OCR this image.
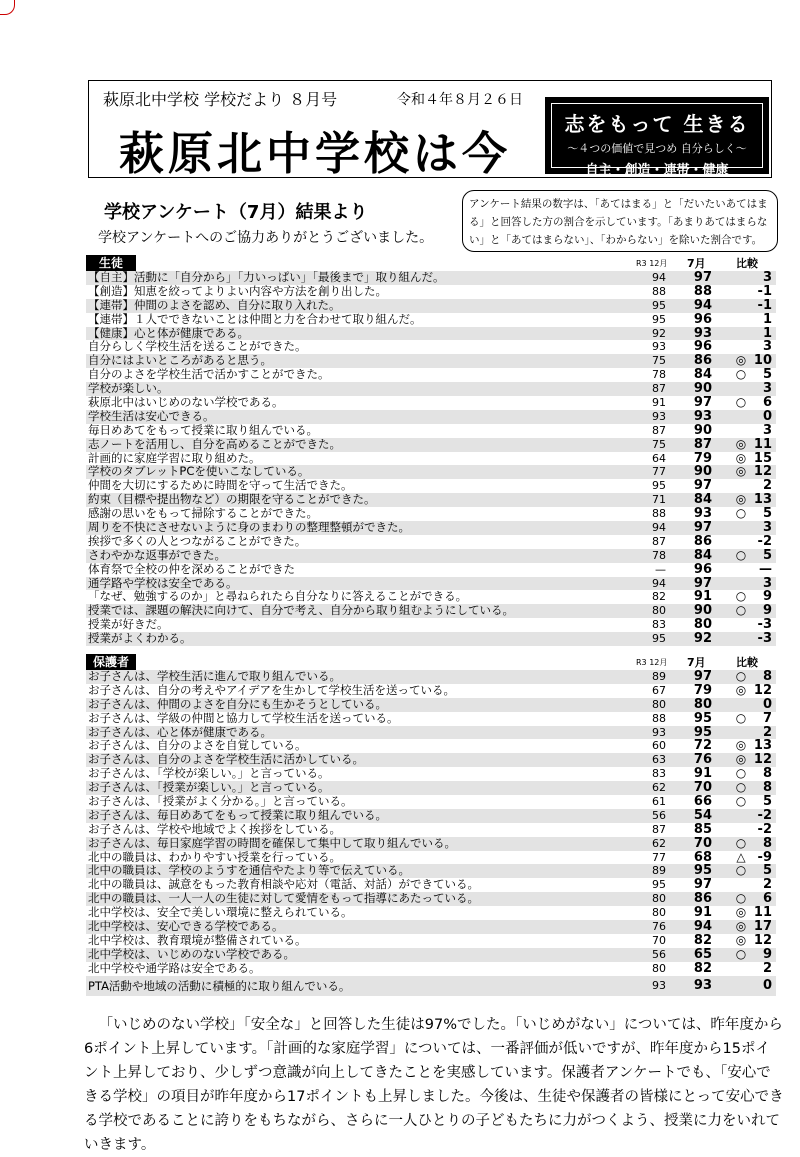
萩原北中学校 学校だより ８月号	令和４年８月２６日
萩原北中学校は今
志をもって 生きる
～４つの価値で見つめ 自分らしく～
自主・創造・連帯・健康
学校アンケート（7月）結果より
学校アンケートへのご協力ありがとうございました。
アンケート結果の数字は、「あてはまる」と「だいたいあてはまる」と回答した方の割合を示しています。「あまりあてはまらない」と「あてはまらない」、「わからない」を除いた割合です。
生徒	R3 12月 7月	比較
【自主】活動に「自分から」「力いっぱい」「最後まで」取り組んだ。	94	97	3
【創造】知恵を絞ってよりよい内容や方法を創り出した。	88	88	-1
【連帯】仲間のよさを認め、自分に取り入れた。	95	94	-1
【連帯】１人でできないことは仲間と力を合わせて取り組んだ。	95	96	1
【健康】心と体が健康である。	92	93	1
自分らしく学校生活を送ることができた。	93	96	3
自分にはよいところがあると思う。	75	86 ◎ 10
自分のよさを学校生活で活かすことができた。	78	84 ○	5
学校が楽しい。	87	90	3
萩原北中はいじめのない学校である。	91	97 ○	6
学校生活は安心できる。	93	93	0
毎日めあてをもって授業に取り組んでいる。	87	90	3
志ノートを活用し、自分を高めることができた。	75	87 ◎ 11
計画的に家庭学習に取り組めた。	64	79 ◎ 15
学校のタブレットPCを使いこなしている。	77	90 ◎ 12
仲間を大切にするために時間を守って生活できた。	95	97	2
約束（目標や提出物など）の期限を守ることができた。	71	84 ◎ 13
感謝の思いをもって掃除することができた。	88	93 ○	5
周りを不快にさせないように身のまわりの整理整頓ができた。	94	97	3
挨拶で多くの人とつながることができた。	87	86	-2
さわやかな返事ができた。	78	84 ○	5
体育祭で全校の仲を深めることができた	—	96	—
通学路や学校は安全である。	94	97	3
「なぜ、勉強するのか」と尋ねられたら自分なりに答えることができる。	82	91 ○	9
授業では、課題の解決に向けて、自分で考え、自分から取り組むようにしている。	80	90 ○	9
授業が好きだ。	83	80	-3
授業がよくわかる。	95	92	-3
保護者	R3 12月 7月	比較
お子さんは、学校生活に進んで取り組んでいる。	89	97 ○	8
お子さんは、自分の考えやアイデアを生かして学校生活を送っている。	67	79 ◎ 12
お子さんは、仲間のよさを自分にも生かそうとしている。	80	80	0
お子さんは、学級の仲間と協力して学校生活を送っている。	88	95 ○	7
お子さんは、心と体が健康である。	93	95	2
お子さんは、自分のよさを自覚している。	60	72 ◎ 13
お子さんは、自分のよさを学校生活に活かしている。	63	76 ◎ 12
お子さんは、「学校が楽しい。」と言っている。	83	91 ○	8
お子さんは、「授業が楽しい。」と言っている。	62	70 ○	8
お子さんは、「授業がよく分かる。」と言っている。	61	66 ○	5
お子さんは、毎日めあてをもって授業に取り組んでいる。	56	54	-2
お子さんは、学校や地域でよく挨拶をしている。	87	85	-2
お子さんは、毎日家庭学習の時間を確保して集中して取り組んでいる。	62	70 ○	8
北中の職員は、わかりやすい授業を行っている。	77	68 △ -9
北中の職員は、学校のようすを通信やたより等で伝えている。	89	95 ○	5
北中の職員は、誠意をもった教育相談や応対（電話、対話）ができている。	95	97	2
北中の職員は、一人一人の生徒に対して愛情をもって指導にあたっている。	80	86 ○	6
北中学校は、安全で美しい環境に整えられている。	80	91 ◎ 11
北中学校は、安心できる学校である。	76	94 ◎ 17
北中学校は、教育環境が整備されている。	70	82 ◎ 12
北中学校は、いじめのない学校である。	56	65 ○	9
北中学校や通学路は安全である。	80	82	2
PTA活動や地域の活動に積極的に取り組んでいる。	93	93	0
「いじめのない学校」「安全な」と回答した生徒は97%でした。「いじめがない」については、昨年度から6ポイント上昇しています。「計画的な家庭学習」については、一番評価が低いですが、昨年度から15ポイント上昇しており、少しずつ意識が向上してきたことを実感しています。保護者アンケートでも、「安心できる学校」の項目が昨年度から17ポイントも上昇しました。今後は、生徒や保護者の皆様にとって安心できる学校であることに誇りをもちながら、さらに一人ひとりの子どもたちに力がつくよう、授業に力をいれていきます。
